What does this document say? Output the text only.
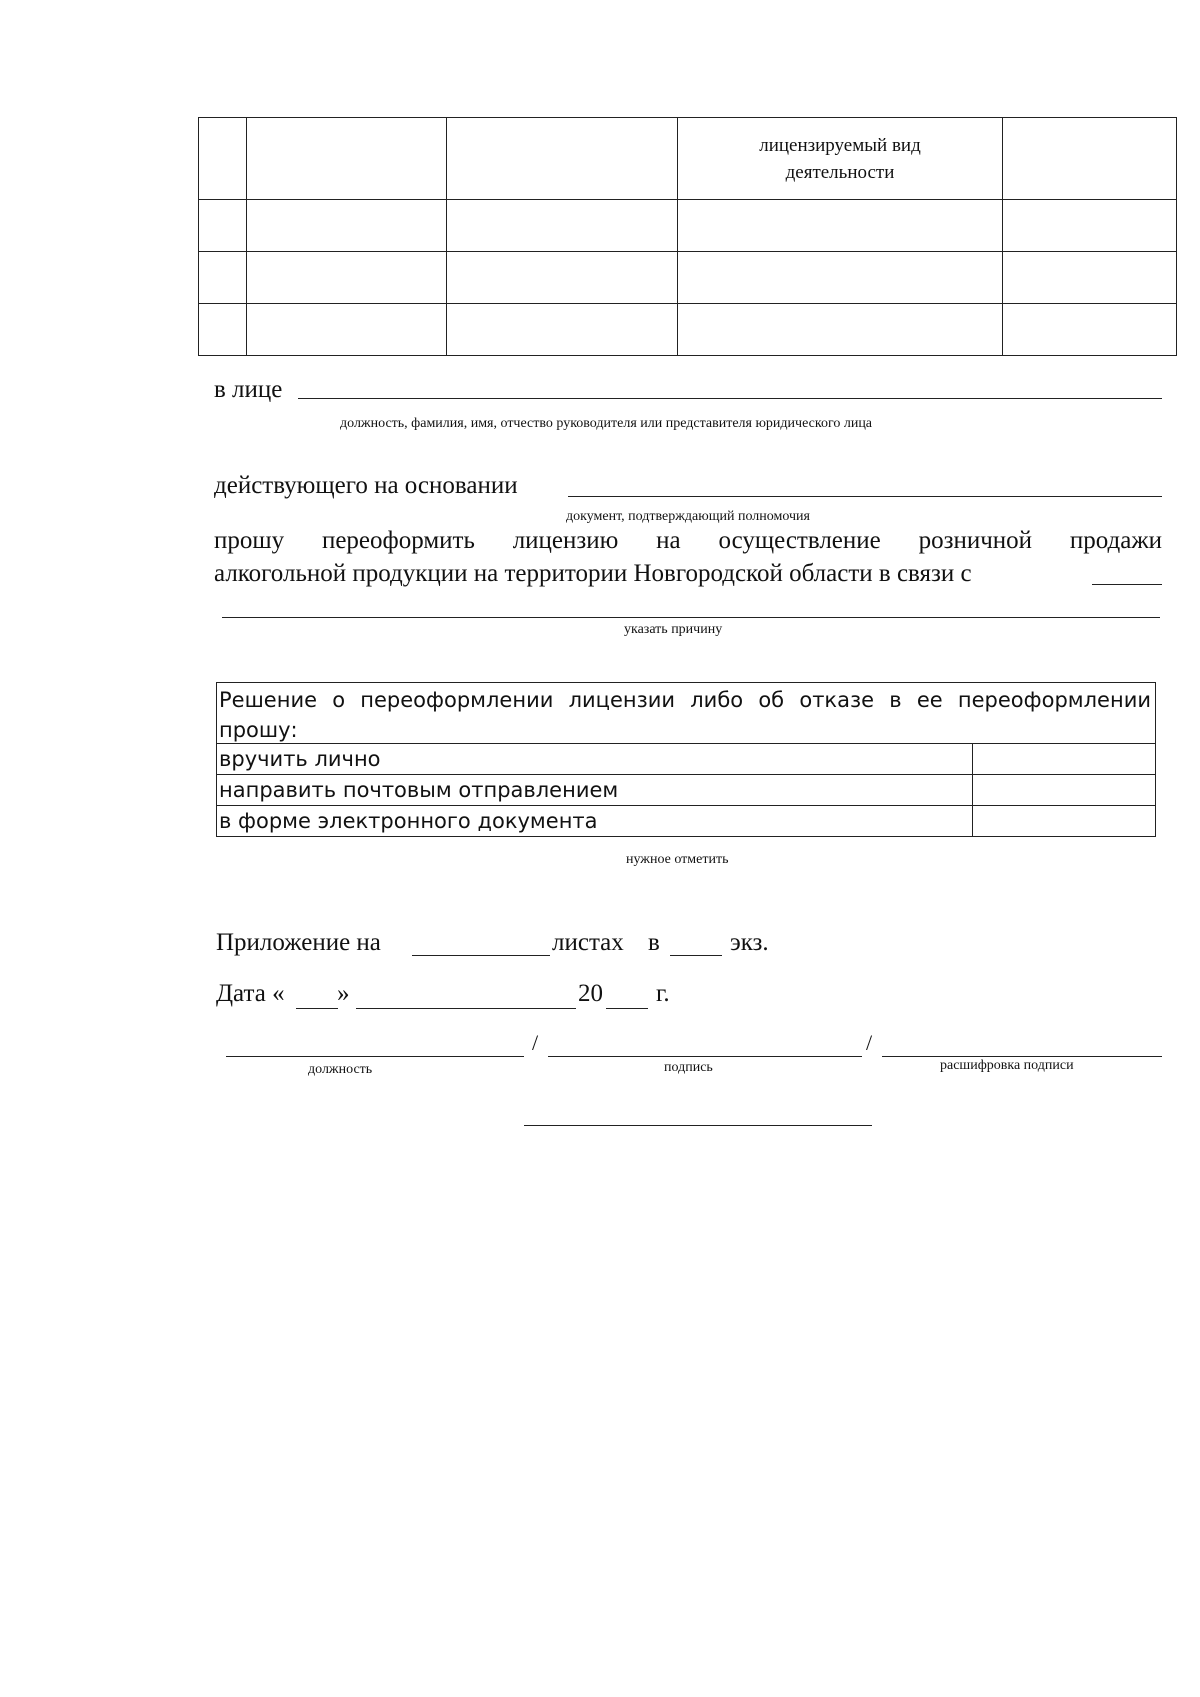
			лицензируемый вид деятельности	

в лице
должность, фамилия, имя, отчество руководителя или представителя юридического лица
действующего на основании
документ, подтверждающий полномочия
прошу переоформить лицензию на осуществление розничной продажи
алкогольной продукции на территории Новгородской области в связи с
указать причину
Решение о переоформлении лицензии либо об отказе в ее переоформлении прошу:
вручить лично
направить почтовым отправлением
в форме электронного документа
нужное отметить
Приложение на	листах в	экз.
Дата « »	20 г.
/	/
должность	подпись	расшифровка подписи
